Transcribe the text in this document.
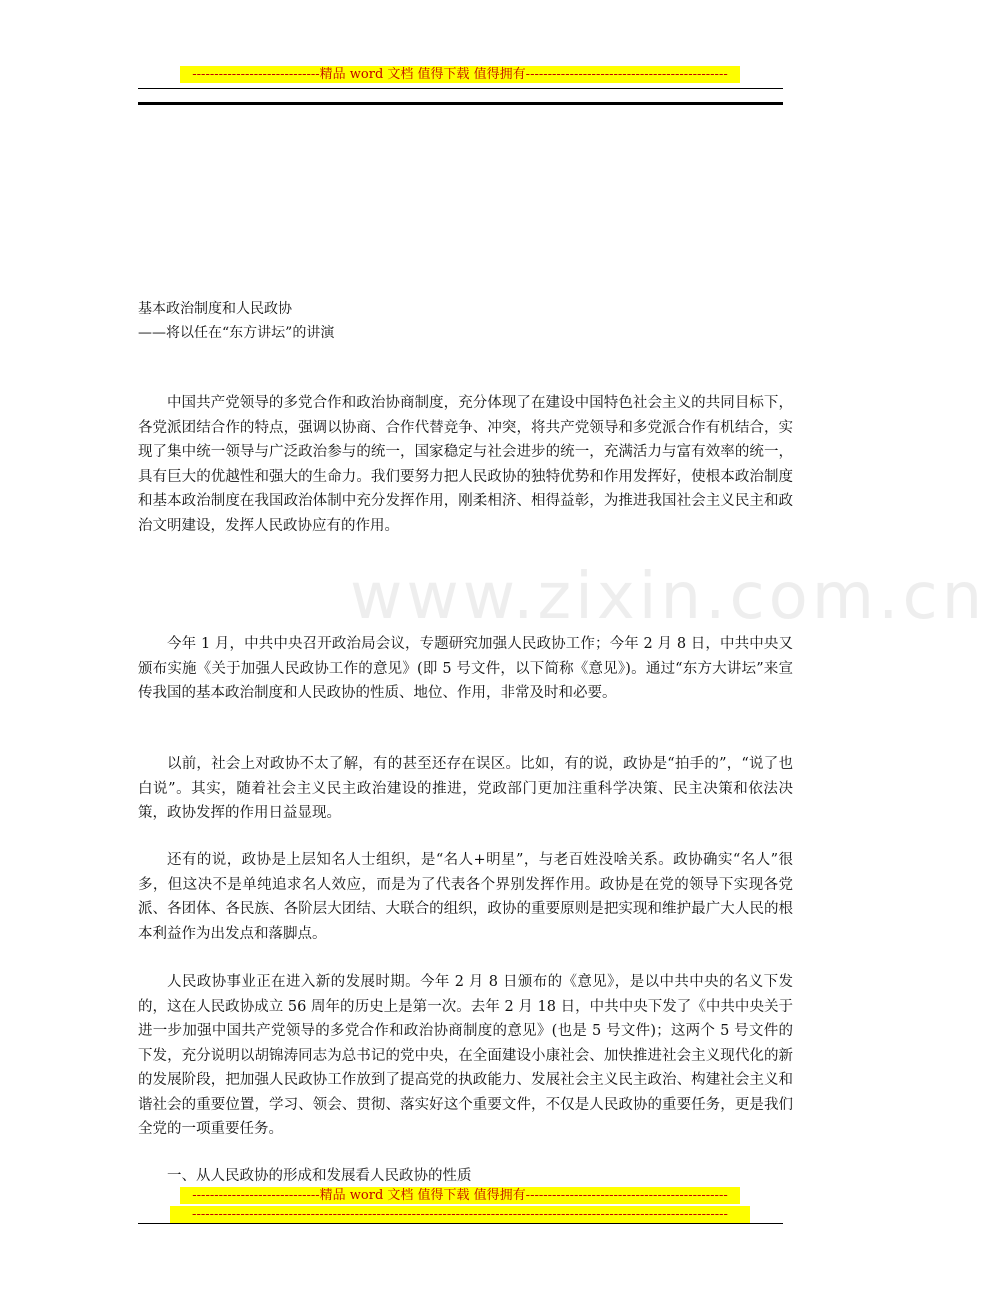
-----------------------------精品 word 文档 值得下载 值得拥有----------------------------------------------
www.zixin.com.cn
基本政治制度和人民政协
——将以任在“东方讲坛”的讲演

中国共产党领导的多党合作和政治协商制度，充分体现了在建设中国特色社会主义的共同目标下，各党派团结合作的特点，强调以协商、合作代替竞争、冲突，将共产党领导和多党派合作有机结合，实现了集中统一领导与广泛政治参与的统一，国家稳定与社会进步的统一，充满活力与富有效率的统一，具有巨大的优越性和强大的生命力。我们要努力把人民政协的独特优势和作用发挥好，使根本政治制度和基本政治制度在我国政治体制中充分发挥作用，刚柔相济、相得益彰，为推进我国社会主义民主和政治文明建设，发挥人民政协应有的作用。

今年 1 月，中共中央召开政治局会议，专题研究加强人民政协工作；今年 2 月 8 日，中共中央又颁布实施《关于加强人民政协工作的意见》(即 5 号文件，以下简称《意见》)。通过“东方大讲坛”来宣传我国的基本政治制度和人民政协的性质、地位、作用，非常及时和必要。

以前，社会上对政协不太了解，有的甚至还存在误区。比如，有的说，政协是“拍手的”，“说了也白说”。其实，随着社会主义民主政治建设的推进，党政部门更加注重科学决策、民主决策和依法决策，政协发挥的作用日益显现。

还有的说，政协是上层知名人士组织，是“名人+明星”，与老百姓没啥关系。政协确实“名人”很多，但这决不是单纯追求名人效应，而是为了代表各个界别发挥作用。政协是在党的领导下实现各党派、各团体、各民族、各阶层大团结、大联合的组织，政协的重要原则是把实现和维护最广大人民的根本利益作为出发点和落脚点。

人民政协事业正在进入新的发展时期。今年 2 月 8 日颁布的《意见》，是以中共中央的名义下发的，这在人民政协成立 56 周年的历史上是第一次。去年 2 月 18 日，中共中央下发了《中共中央关于进一步加强中国共产党领导的多党合作和政治协商制度的意见》(也是 5 号文件)；这两个 5 号文件的下发，充分说明以胡锦涛同志为总书记的党中央，在全面建设小康社会、加快推进社会主义现代化的新的发展阶段，把加强人民政协工作放到了提高党的执政能力、发展社会主义民主政治、构建社会主义和谐社会的重要位置，学习、领会、贯彻、落实好这个重要文件，不仅是人民政协的重要任务，更是我们全党的一项重要任务。

一、从人民政协的形成和发展看人民政协的性质

-----------------------------精品 word 文档 值得下载 值得拥有----------------------------------------------
--------------------------------------------------------------------------------------------------------------------------
